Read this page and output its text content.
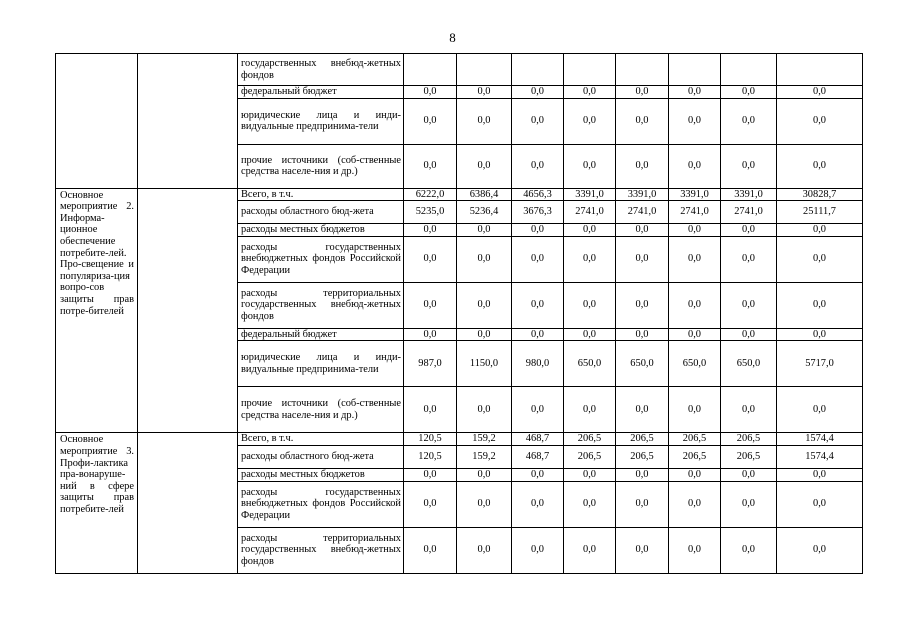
8
		государственных внебюд-жетных фондов								
		федеральный бюджет	0,0	0,0	0,0	0,0	0,0	0,0	0,0	0,0
		юридические лица и инди-видуальные предпринима-тели	0,0	0,0	0,0	0,0	0,0	0,0	0,0	0,0
		прочие источники (соб-ственные средства населе-ния и др.)	0,0	0,0	0,0	0,0	0,0	0,0	0,0	0,0
Основное мероприятие 2. Информа-ционное обеспечение потребите-лей. Про-свещение и популяриза-ция вопро-сов защиты прав потре-бителей		Всего, в т.ч.	6222,0	6386,4	4656,3	3391,0	3391,0	3391,0	3391,0	30828,7
		расходы областного бюд-жета	5235,0	5236,4	3676,3	2741,0	2741,0	2741,0	2741,0	25111,7
		расходы местных бюджетов	0,0	0,0	0,0	0,0	0,0	0,0	0,0	0,0
		расходы государственных внебюджетных фондов Российской Федерации	0,0	0,0	0,0	0,0	0,0	0,0	0,0	0,0
		расходы территориальных государственных внебюд-жетных фондов	0,0	0,0	0,0	0,0	0,0	0,0	0,0	0,0
		федеральный бюджет	0,0	0,0	0,0	0,0	0,0	0,0	0,0	0,0
		юридические лица и инди-видуальные предпринима-тели	987,0	1150,0	980,0	650,0	650,0	650,0	650,0	5717,0
		прочие источники (соб-ственные средства населе-ния и др.)	0,0	0,0	0,0	0,0	0,0	0,0	0,0	0,0
Основное мероприятие 3. Профи-лактика пра-вонаруше-ний в сфере защиты прав потребите-лей		Всего, в т.ч.	120,5	159,2	468,7	206,5	206,5	206,5	206,5	1574,4
		расходы областного бюд-жета	120,5	159,2	468,7	206,5	206,5	206,5	206,5	1574,4
		расходы местных бюджетов	0,0	0,0	0,0	0,0	0,0	0,0	0,0	0,0
		расходы государственных внебюджетных фондов Российской Федерации	0,0	0,0	0,0	0,0	0,0	0,0	0,0	0,0
		расходы территориальных государственных внебюд-жетных фондов	0,0	0,0	0,0	0,0	0,0	0,0	0,0	0,0
